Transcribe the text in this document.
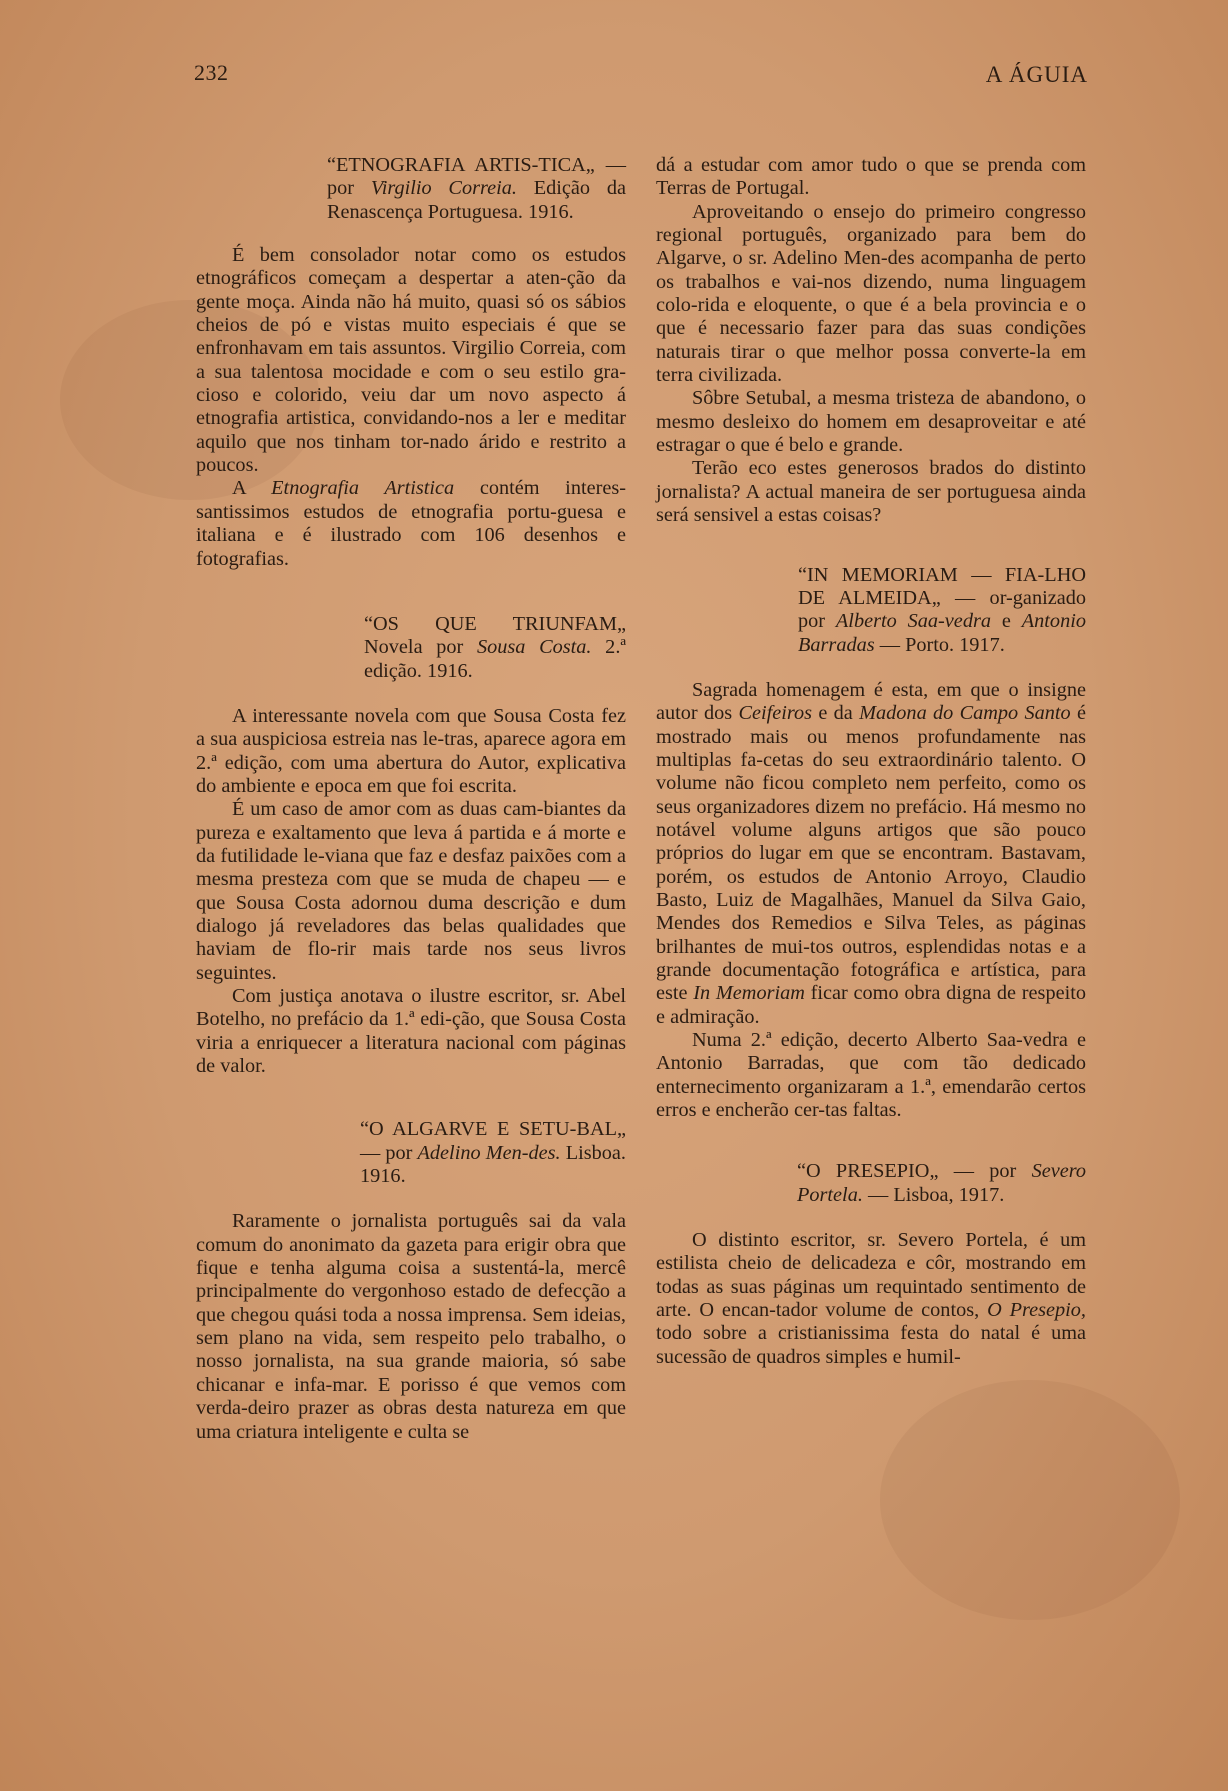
232	A ÁGUIA
“ETNOGRAFIA ARTIS-TICA„ — por Virgilio Correia. Edição da Renascença Portuguesa. 1916.

É bem consolador notar como os estudos etnográficos começam a despertar a aten-ção da gente moça. Ainda não há muito, quasi só os sábios cheios de pó e vistas muito especiais é que se enfronhavam em tais assuntos. Virgilio Correia, com a sua talentosa mocidade e com o seu estilo gra-cioso e colorido, veiu dar um novo aspecto á etnografia artistica, convidando-nos a ler e meditar aquilo que nos tinham tor-nado árido e restrito a poucos.

A Etnografia Artistica contém interes-santissimos estudos de etnografia portu-guesa e italiana e é ilustrado com 106 desenhos e fotografias.

“OS QUE TRIUNFAM„ Novela por Sousa Costa. 2.ª edição. 1916.

A interessante novela com que Sousa Costa fez a sua auspiciosa estreia nas le-tras, aparece agora em 2.ª edição, com uma abertura do Autor, explicativa do ambiente e epoca em que foi escrita.

É um caso de amor com as duas cam-biantes da pureza e exaltamento que leva á partida e á morte e da futilidade le-viana que faz e desfaz paixões com a mesma presteza com que se muda de chapeu — e que Sousa Costa adornou duma descrição e dum dialogo já reveladores das belas qualidades que haviam de flo-rir mais tarde nos seus livros seguintes.

Com justiça anotava o ilustre escritor, sr. Abel Botelho, no prefácio da 1.ª edi-ção, que Sousa Costa viria a enriquecer a literatura nacional com páginas de valor.

“O ALGARVE E SETU-BAL„ — por Adelino Men-des. Lisboa. 1916.

Raramente o jornalista português sai da vala comum do anonimato da gazeta para erigir obra que fique e tenha alguma coisa a sustentá-la, mercê principalmente do vergonhoso estado de defecção a que chegou quási toda a nossa imprensa. Sem ideias, sem plano na vida, sem respeito pelo trabalho, o nosso jornalista, na sua grande maioria, só sabe chicanar e infa-mar. E porisso é que vemos com verda-deiro prazer as obras desta natureza em que uma criatura inteligente e culta se

dá a estudar com amor tudo o que se prenda com Terras de Portugal.

Aproveitando o ensejo do primeiro congresso regional português, organizado para bem do Algarve, o sr. Adelino Men-des acompanha de perto os trabalhos e vai-nos dizendo, numa linguagem colo-rida e eloquente, o que é a bela provincia e o que é necessario fazer para das suas condições naturais tirar o que melhor possa converte-la em terra civilizada.

Sôbre Setubal, a mesma tristeza de abandono, o mesmo desleixo do homem em desaproveitar e até estragar o que é belo e grande.

Terão eco estes generosos brados do distinto jornalista? A actual maneira de ser portuguesa ainda será sensivel a estas coisas?

“IN MEMORIAM — FIA-LHO DE ALMEIDA„ — or-ganizado por Alberto Saa-vedra e Antonio Barradas — Porto. 1917.

Sagrada homenagem é esta, em que o insigne autor dos Ceifeiros e da Madona do Campo Santo é mostrado mais ou menos profundamente nas multiplas fa-cetas do seu extraordinário talento. O volume não ficou completo nem perfeito, como os seus organizadores dizem no prefácio. Há mesmo no notável volume alguns artigos que são pouco próprios do lugar em que se encontram. Bastavam, porém, os estudos de Antonio Arroyo, Claudio Basto, Luiz de Magalhães, Manuel da Silva Gaio, Mendes dos Remedios e Silva Teles, as páginas brilhantes de mui-tos outros, esplendidas notas e a grande documentação fotográfica e artística, para este In Memoriam ficar como obra digna de respeito e admiração.

Numa 2.ª edição, decerto Alberto Saa-vedra e Antonio Barradas, que com tão dedicado enternecimento organizaram a 1.ª, emendarão certos erros e encherão cer-tas faltas.

“O PRESEPIO„ — por Severo Portela. — Lisboa, 1917.

O distinto escritor, sr. Severo Portela, é um estilista cheio de delicadeza e côr, mostrando em todas as suas páginas um requintado sentimento de arte. O encan-tador volume de contos, O Presepio, todo sobre a cristianissima festa do natal é uma sucessão de quadros simples e humil-
